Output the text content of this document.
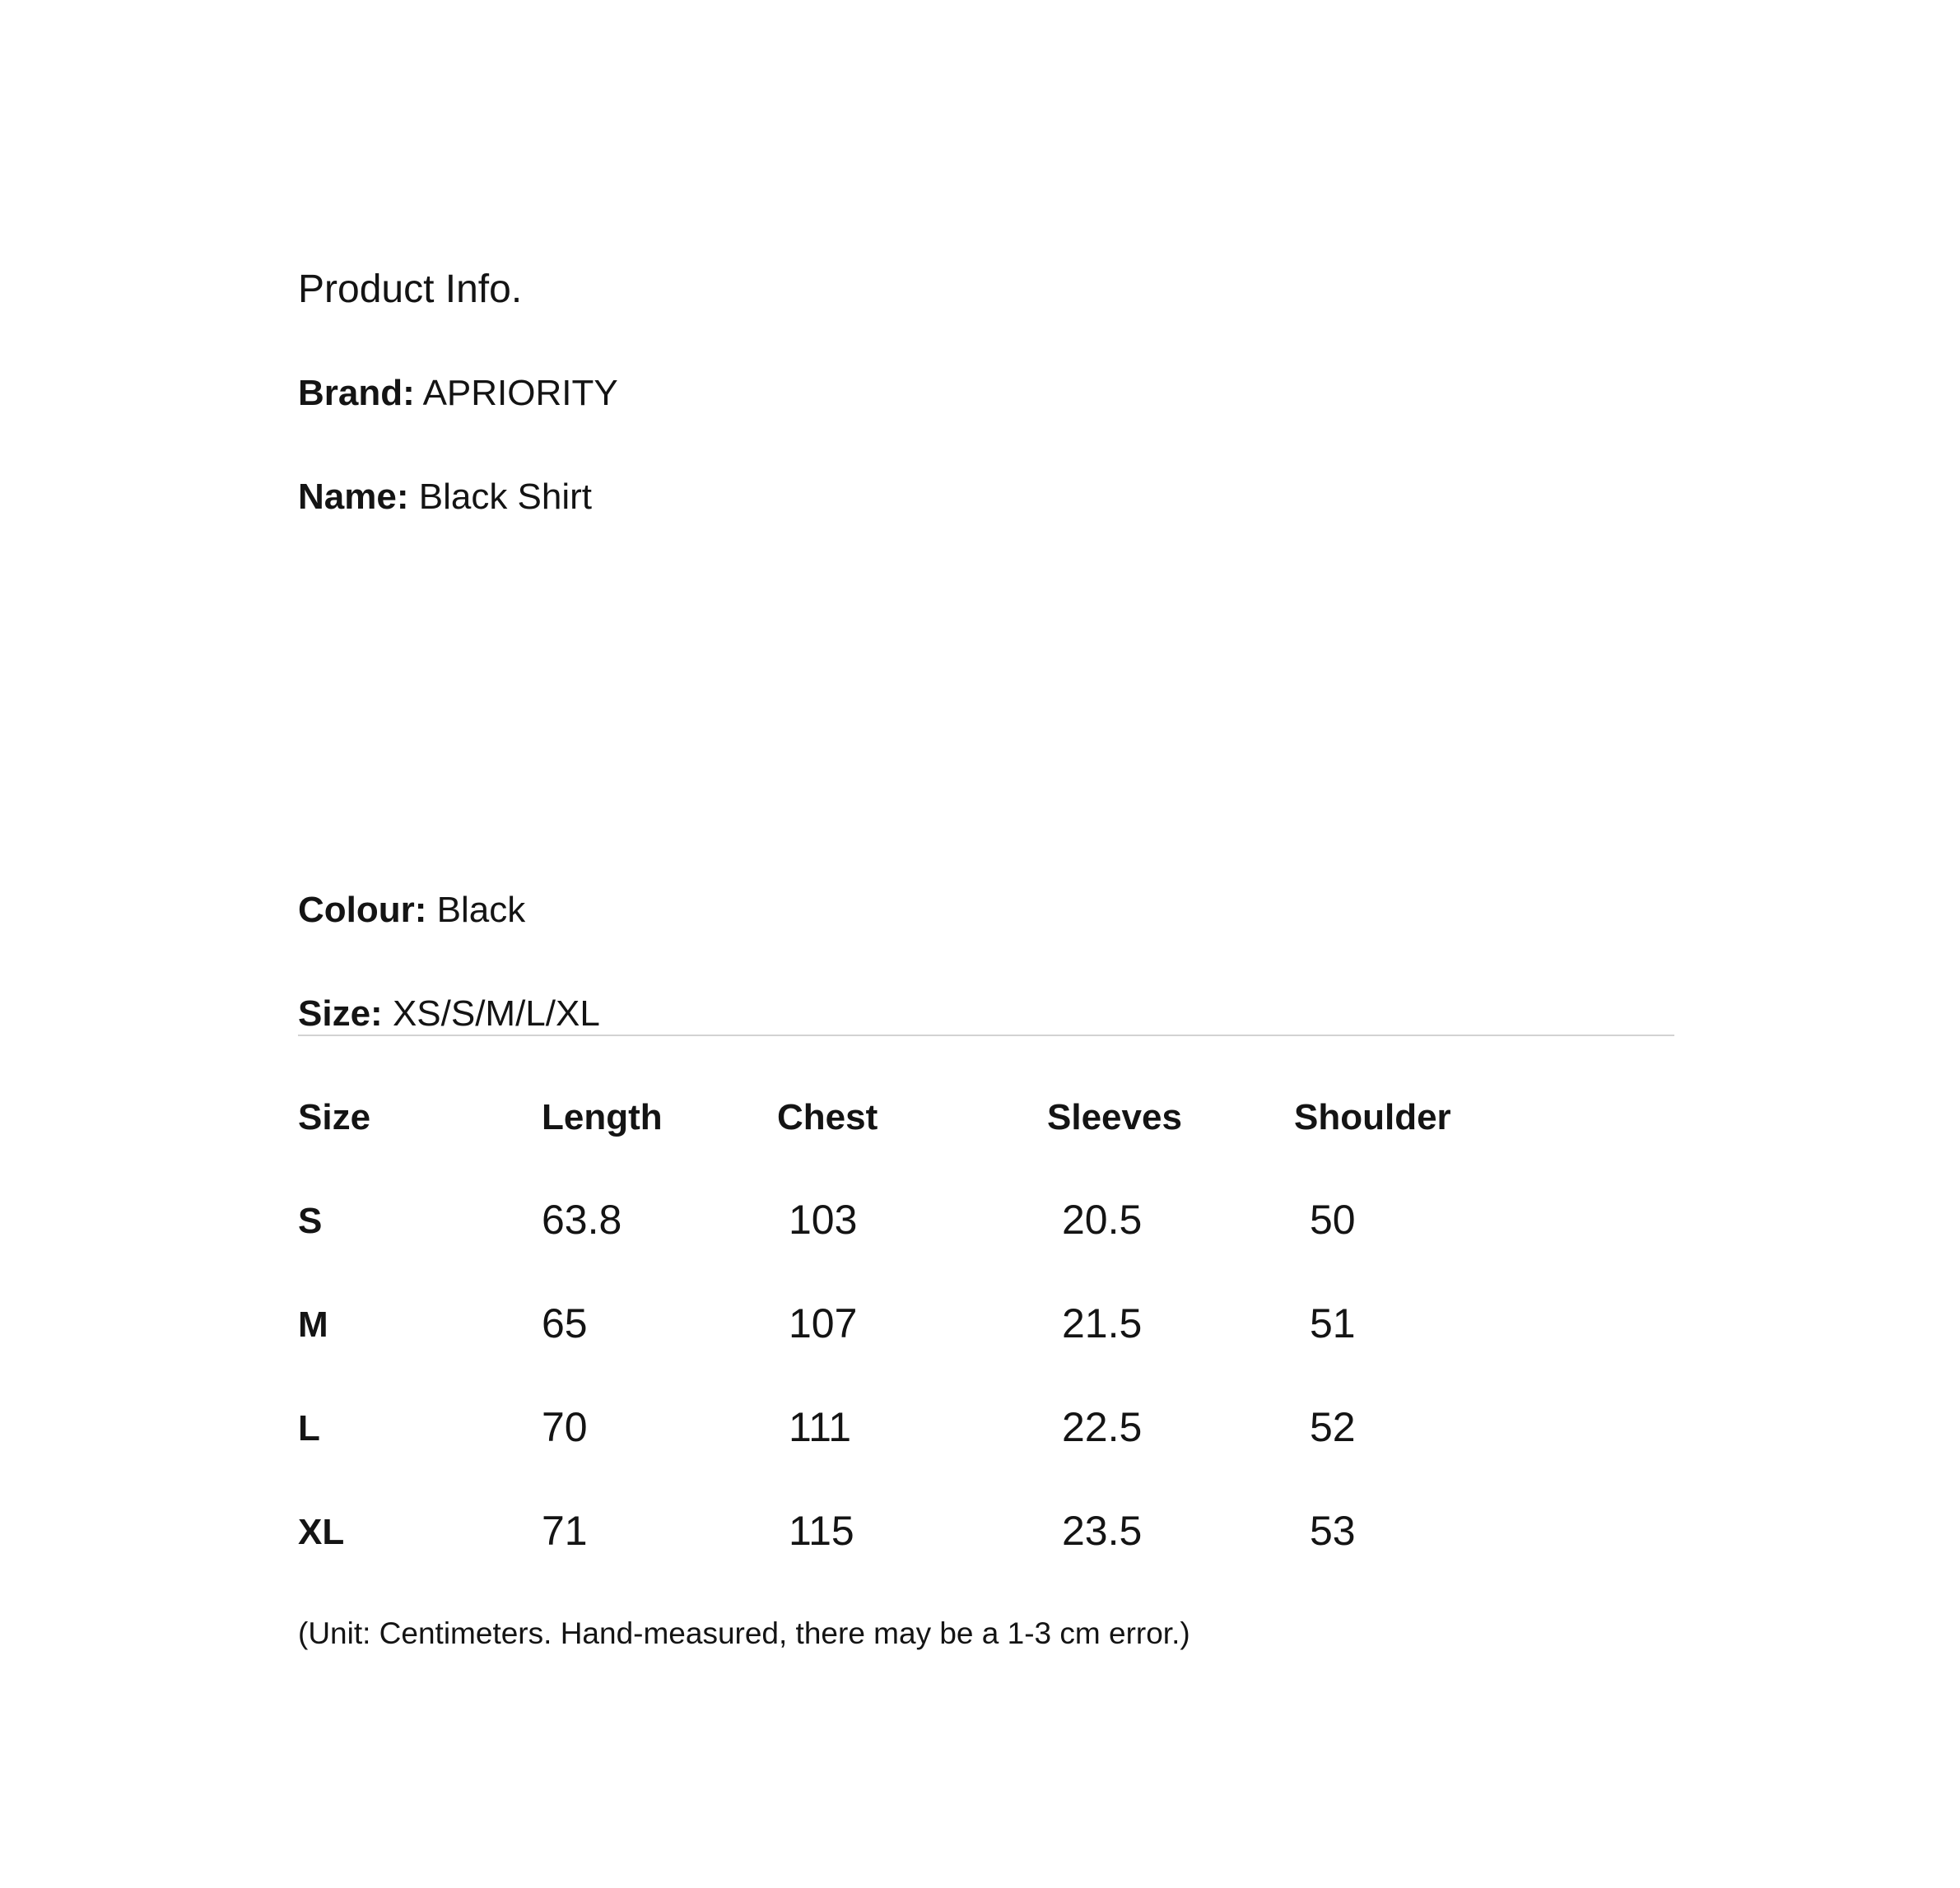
Product Info.
Brand: APRIORITY
Name: Black Shirt
Colour: Black
Size: XS/S/M/L/XL
Size	Length	Chest	Sleeves	Shoulder
S	63.8	103	20.5	50
M	65	107	21.5	51
L	70	111	22.5	52
XL	71	115	23.5	53
(Unit: Centimeters. Hand-measured, there may be a 1-3 cm error.)
